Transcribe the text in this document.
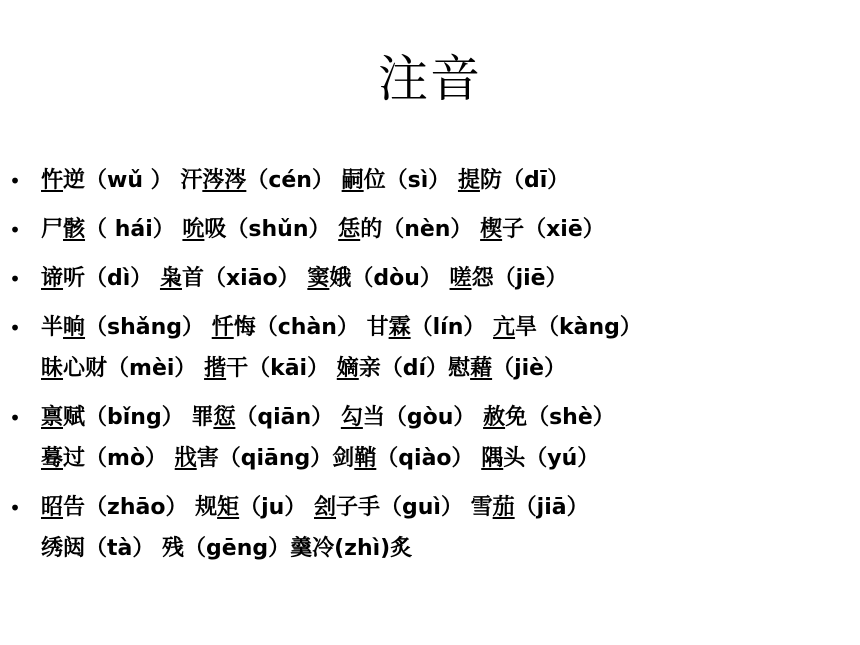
注音
• 忤逆（wǔ ） 汗涔涔（cén） 嗣位（sì） 提防（dī）
• 尸骸（ hái） 吮吸（shǔn） 恁的（nèn） 楔子（xiē）
• 谛听（dì） 枭首（xiāo） 窦娥（dòu） 嗟怨（jiē）
• 半晌（shǎng） 忏悔（chàn） 甘霖（lín） 亢旱（kàng）
昧心财（mèi） 揩干（kāi） 嫡亲（dí）慰藉（jiè）
• 禀赋（bǐng） 罪愆（qiān） 勾当（gòu） 赦免（shè）
蓦过（mò） 戕害（qiāng）剑鞘（qiào） 隅头（yú）
• 昭告（zhāo） 规矩（ju） 刽子手（guì） 雪茄（jiā）
绣闼（tà） 残（gēng）羹冷(zhì)炙
